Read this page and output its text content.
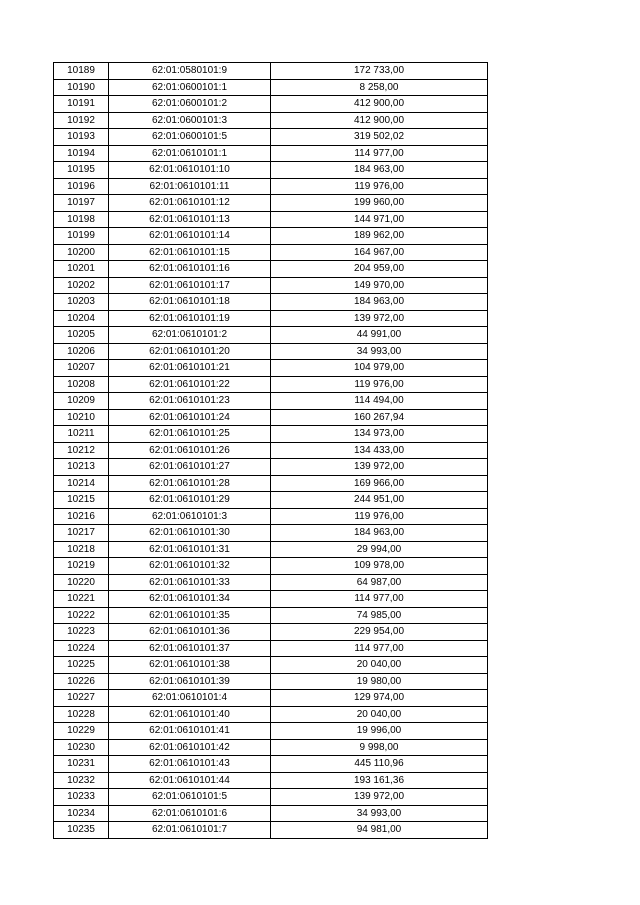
10189	62:01:0580101:9	172 733,00
10190	62:01:0600101:1	8 258,00
10191	62:01:0600101:2	412 900,00
10192	62:01:0600101:3	412 900,00
10193	62:01:0600101:5	319 502,02
10194	62:01:0610101:1	114 977,00
10195	62:01:0610101:10	184 963,00
10196	62:01:0610101:11	119 976,00
10197	62:01:0610101:12	199 960,00
10198	62:01:0610101:13	144 971,00
10199	62:01:0610101:14	189 962,00
10200	62:01:0610101:15	164 967,00
10201	62:01:0610101:16	204 959,00
10202	62:01:0610101:17	149 970,00
10203	62:01:0610101:18	184 963,00
10204	62:01:0610101:19	139 972,00
10205	62:01:0610101:2	44 991,00
10206	62:01:0610101:20	34 993,00
10207	62:01:0610101:21	104 979,00
10208	62:01:0610101:22	119 976,00
10209	62:01:0610101:23	114 494,00
10210	62:01:0610101:24	160 267,94
10211	62:01:0610101:25	134 973,00
10212	62:01:0610101:26	134 433,00
10213	62:01:0610101:27	139 972,00
10214	62:01:0610101:28	169 966,00
10215	62:01:0610101:29	244 951,00
10216	62:01:0610101:3	119 976,00
10217	62:01:0610101:30	184 963,00
10218	62:01:0610101:31	29 994,00
10219	62:01:0610101:32	109 978,00
10220	62:01:0610101:33	64 987,00
10221	62:01:0610101:34	114 977,00
10222	62:01:0610101:35	74 985,00
10223	62:01:0610101:36	229 954,00
10224	62:01:0610101:37	114 977,00
10225	62:01:0610101:38	20 040,00
10226	62:01:0610101:39	19 980,00
10227	62:01:0610101:4	129 974,00
10228	62:01:0610101:40	20 040,00
10229	62:01:0610101:41	19 996,00
10230	62:01:0610101:42	9 998,00
10231	62:01:0610101:43	445 110,96
10232	62:01:0610101:44	193 161,36
10233	62:01:0610101:5	139 972,00
10234	62:01:0610101:6	34 993,00
10235	62:01:0610101:7	94 981,00
